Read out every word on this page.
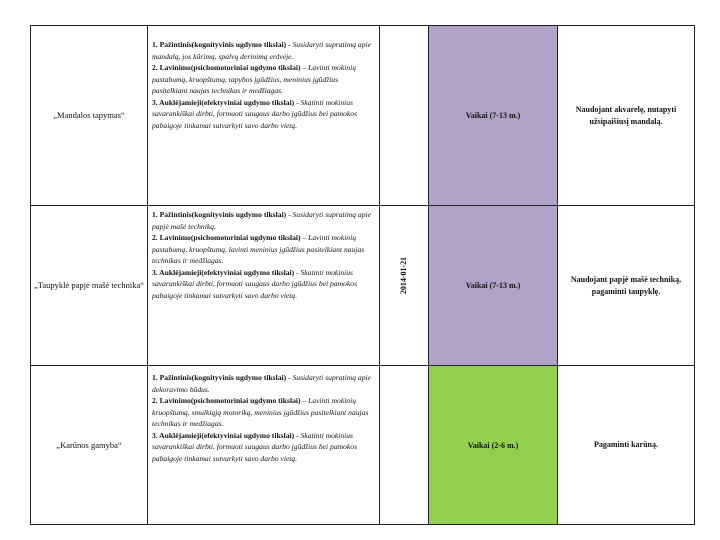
2014-01-21
„Mandalos tapymas“

1. Pažintinis(kognityvinis ugdymo tikslai) - Susidaryti supratimą apie mandalą, jos kūrimą, spalvų derinimą erdvėje.

2. Lavinimo(psichomotoriniai ugdymo tikslai) – Lavinti mokinių pastabumą, kruopštumą, tapybos įgūdžius, meninius įgūdžius pasitelkiant naujas technikas ir medžiagas.

3. Auklėjamieji(efektyviniai ugdymo tikslai) - Skatinti mokinius savarankiškai dirbti, formuoti saugaus darbo įgūdžius bei pamokos pabaigoje tinkamai sutvarkyti savo darbo vietą.

Vaikai (7-13 m.)
Naudojant akvarelę, nutapyti užsipaišiusį mandalą.
„Taupyklė papjė mašė technika“

1. Pažintinis(kognityvinis ugdymo tikslai) - Susidaryti supratimą apie papjė mašė techniką.

2. Lavinimo(psichomotoriniai ugdymo tikslai) – Lavinti mokinių pastabumą, kruopštumą, lavinti meninius įgūdžius pasitelkiant naujas technikas ir medžiagas.

3. Auklėjamieji(efektyviniai ugdymo tikslai) - Skatinti mokinius savarankiškai dirbti, formuoti saugaus darbo įgūdžius bei pamokos pabaigoje tinkamai sutvarkyti savo darbo vietą.

Vaikai (7-13 m.)
Naudojant papjė mašė techniką, pagaminti taupyklę.
„Karūnos gamyba“

1. Pažintinis(kognityvinis ugdymo tikslai) - Susidaryti supratimą apie dekoravimo būdus.

2. Lavinimo(psichomotoriniai ugdymo tikslai) – Lavinti mokinių kruopštumą, smulkiąją motoriką, meninius įgūdžius pasitelkiant naujas technikas ir medžiagas.

3. Auklėjamieji(efektyviniai ugdymo tikslai) - Skatinti mokinius savarankiškai dirbti, formuoti saugaus darbo įgūdžius bei pamokos pabaigoje tinkamai sutvarkyti savo darbo vietą.

Vaikai (2-6 m.)	Pagaminti karūną.
